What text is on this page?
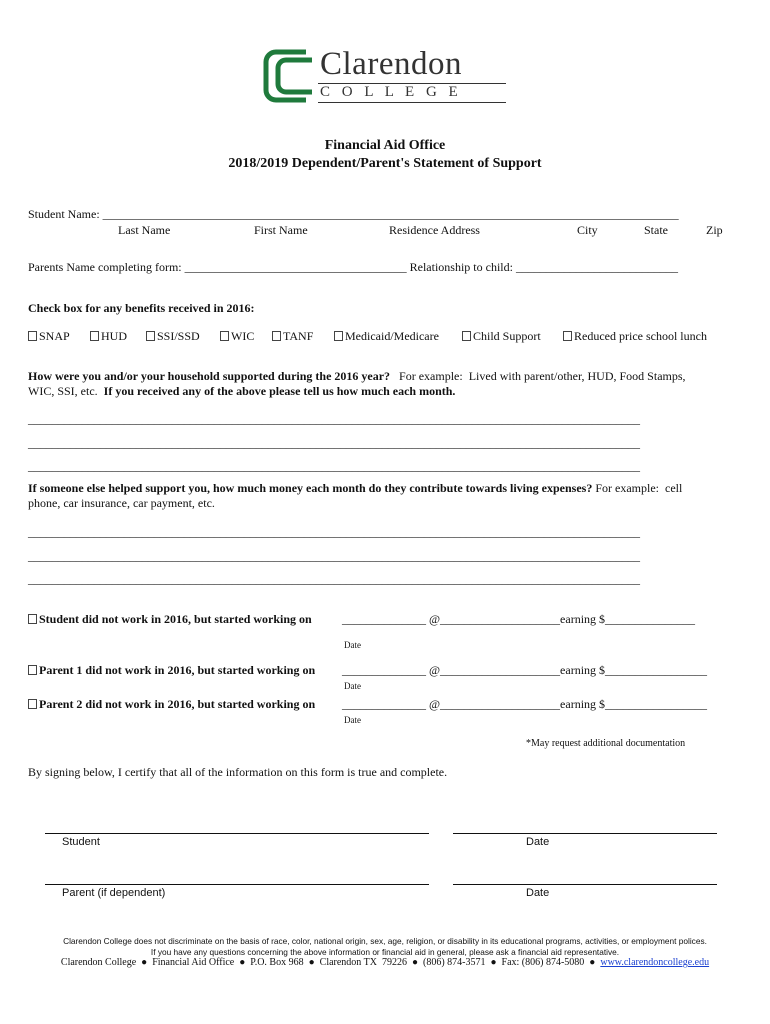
Clarendon
C O L L E G E
Financial Aid Office
2018/2019 Dependent/Parent's Statement of Support
Student Name: ________________________________________________________________________________________________
Last Name	First Name	Residence Address	City	State	Zip
Parents Name completing form: _____________________________________ Relationship to child: ___________________________
Check box for any benefits received in 2016:
SNAP	HUD	SSI/SSD	WIC	TANF	Medicaid/Medicare	Child Support	Reduced price school lunch
How were you and/or your household supported during the 2016 year?   For example:  Lived with parent/other, HUD, Food Stamps,
WIC, SSI, etc.  If you received any of the above please tell us how much each month.
______________________________________________________________________________________________________
______________________________________________________________________________________________________
______________________________________________________________________________________________________
If someone else helped support you, how much money each month do they contribute towards living expenses? For example:  cell
phone, car insurance, car payment, etc.
______________________________________________________________________________________________________
______________________________________________________________________________________________________
______________________________________________________________________________________________________
Student did not work in 2016, but started working on	______________ @____________________earning $_______________
Date
Parent 1 did not work in 2016, but started working on ______________ @____________________earning $_________________
Date
Parent 2 did not work in 2016, but started working on ______________ @____________________earning $_________________
Date
*May request additional documentation
By signing below, I certify that all of the information on this form is true and complete.
Student	Date
Parent (if dependent)	Date
Clarendon College does not discriminate on the basis of race, color, national origin, sex, age, religion, or disability in its educational programs, activities, or employment polices.
If you have any questions concerning the above information or financial aid in general, please ask a financial aid representative.
Clarendon College  ●  Financial Aid Office  ●  P.O. Box 968  ●  Clarendon TX  79226  ●  (806) 874-3571  ●  Fax: (806) 874-5080  ●  www.clarendoncollege.edu
